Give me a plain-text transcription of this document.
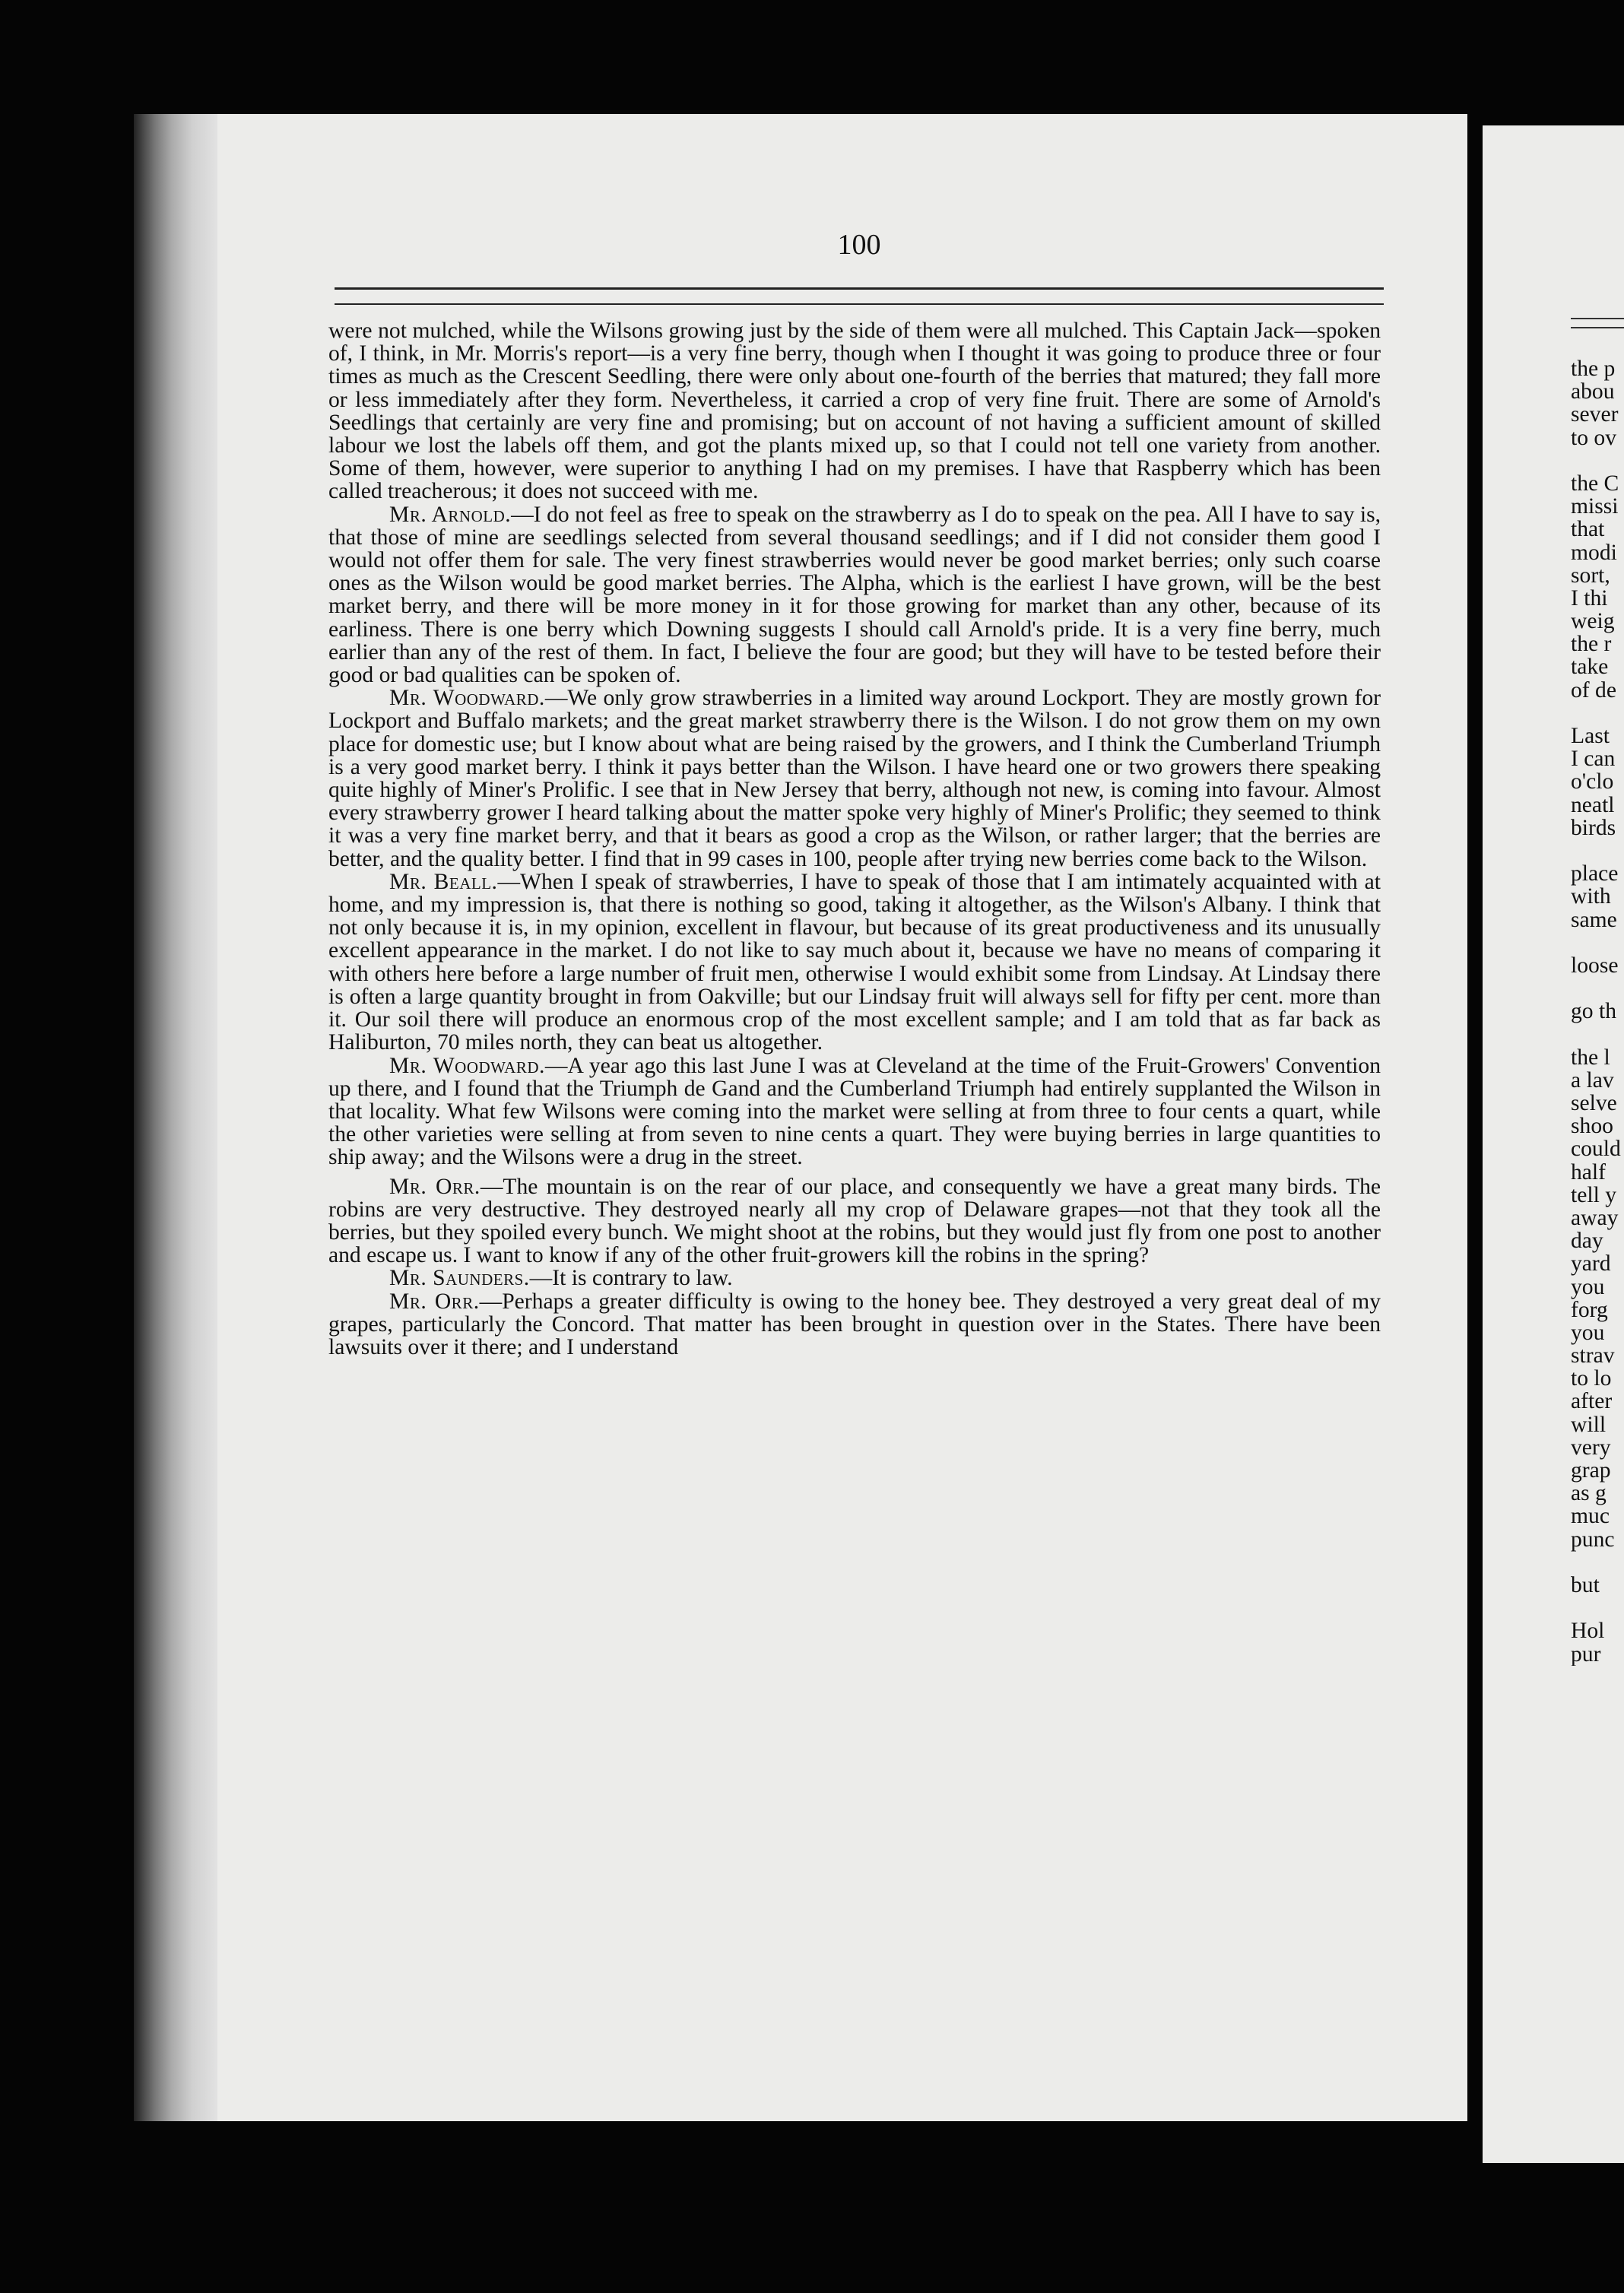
100

were not mulched, while the Wilsons growing just by the side of them were all mulched. This Captain Jack—spoken of, I think, in Mr. Morris's report—is a very fine berry, though when I thought it was going to produce three or four times as much as the Crescent Seedling, there were only about one-fourth of the berries that matured; they fall more or less immediately after they form. Nevertheless, it carried a crop of very fine fruit. There are some of Arnold's Seedlings that certainly are very fine and promising; but on account of not having a sufficient amount of skilled labour we lost the labels off them, and got the plants mixed up, so that I could not tell one variety from another. Some of them, however, were superior to anything I had on my premises. I have that Raspberry which has been called treacherous; it does not succeed with me.

Mr. Arnold.—I do not feel as free to speak on the strawberry as I do to speak on the pea. All I have to say is, that those of mine are seedlings selected from several thousand seedlings; and if I did not consider them good I would not offer them for sale. The very finest strawberries would never be good market berries; only such coarse ones as the Wilson would be good market berries. The Alpha, which is the earliest I have grown, will be the best market berry, and there will be more money in it for those growing for market than any other, because of its earliness. There is one berry which Downing suggests I should call Arnold's pride. It is a very fine berry, much earlier than any of the rest of them. In fact, I believe the four are good; but they will have to be tested before their good or bad qualities can be spoken of.

Mr. Woodward.—We only grow strawberries in a limited way around Lockport. They are mostly grown for Lockport and Buffalo markets; and the great market strawberry there is the Wilson. I do not grow them on my own place for domestic use; but I know about what are being raised by the growers, and I think the Cumberland Triumph is a very good market berry. I think it pays better than the Wilson. I have heard one or two growers there speaking quite highly of Miner's Prolific. I see that in New Jersey that berry, although not new, is coming into favour. Almost every strawberry grower I heard talking about the matter spoke very highly of Miner's Prolific; they seemed to think it was a very fine market berry, and that it bears as good a crop as the Wilson, or rather larger; that the berries are better, and the quality better. I find that in 99 cases in 100, people after trying new berries come back to the Wilson.

Mr. Beall.—When I speak of strawberries, I have to speak of those that I am intimately acquainted with at home, and my impression is, that there is nothing so good, taking it altogether, as the Wilson's Albany. I think that not only because it is, in my opinion, excellent in flavour, but because of its great productiveness and its unusually excellent appearance in the market. I do not like to say much about it, because we have no means of comparing it with others here before a large number of fruit men, otherwise I would exhibit some from Lindsay. At Lindsay there is often a large quantity brought in from Oakville; but our Lindsay fruit will always sell for fifty per cent. more than it. Our soil there will produce an enormous crop of the most excellent sample; and I am told that as far back as Haliburton, 70 miles north, they can beat us altogether.

Mr. Woodward.—A year ago this last June I was at Cleveland at the time of the Fruit-Growers' Convention up there, and I found that the Triumph de Gand and the Cumberland Triumph had entirely supplanted the Wilson in that locality. What few Wilsons were coming into the market were selling at from three to four cents a quart, while the other varieties were selling at from seven to nine cents a quart. They were buying berries in large quantities to ship away; and the Wilsons were a drug in the street.

Mr. Orr.—The mountain is on the rear of our place, and consequently we have a great many birds. The robins are very destructive. They destroyed nearly all my crop of Delaware grapes—not that they took all the berries, but they spoiled every bunch. We might shoot at the robins, but they would just fly from one post to another and escape us. I want to know if any of the other fruit-growers kill the robins in the spring?

Mr. Saunders.—It is contrary to law.

Mr. Orr.—Perhaps a greater difficulty is owing to the honey bee. They destroyed a very great deal of my grapes, particularly the Concord. That matter has been brought in question over in the States. There have been lawsuits over it there; and I understand

the p
abou
sever
to ov
the C
missi
that
modi
sort,
I thi
weig
the r
take
of de
Last
I can
o'clo
neatl
birds
place
with
same
loose
go th
the l
a lav
selve
shoo
could
half
tell y
away
day
yard
you
forg
you
strav
to lo
after
will
very
grap
as g
muc
punc
but
Hol
pur
